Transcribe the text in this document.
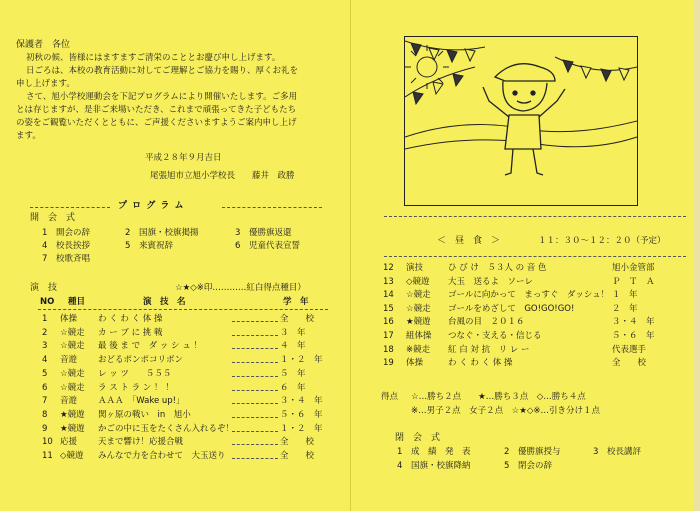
保護者　各位
初秋の候、皆様にはますますご清栄のこととお慶び申し上げます。
日ごろは、本校の教育活動に対してご理解とご協力を賜り、厚くお礼を
申し上げます。
さて、旭小学校運動会を下記プログラムにより開催いたします。ご多用
とは存じますが、是非ご来場いただき、これまで頑張ってきた子どもたち
の姿をご観覧いただくとともに、ご声援くださいますようご案内申し上げ
ます。
平成２８年９月吉日
尾張旭市立旭小学校長　　藤井　政勝
プ ロ グ ラ ム
開　会　式
1 開会の辞	2 国旗・校旗掲揚	3 優勝旗返還
4 校長挨拶	5 来賓祝辞	6 児童代表宣誓
7 校歌斉唱
演　技	☆★◇※印…………紅白得点種目）
NO 種目	演　技　名	学　年
1 体操 わ く わ く 体 操	全　　校
2 ☆競走 カ ー ブ に 挑 戦	３　年
3 ☆競走 最 後 ま で　ダ ッ シ ュ ！	４　年
4 音遊 おどるポンポコリボン	１・２　年
5 ☆競走 レ ッ ツ　　５５５	５　年
6 ☆競走 ラ ス ト ラ ン ！ ！	６　年
7 音遊 ＡＡＡ　「Wake up!」	３・４　年
8 ★競遊 関ヶ原の戦い　in　旭小	５・６　年
9 ★競遊 かごの中に玉をたくさん入れるぞ！	１・２　年
10 応援 天まで響け！応援合戦	全　　校
11 ◇競遊 みんなで力を合わせて　大玉送り	全　　校
＜　昼　食　＞	１１：３０〜１２：２０（予定）
12 演技	ひ び け　５３人 の 音 色	旭小金管部
13 ◇競遊 大玉　送るよ　ソーレ	Ｐ　Ｔ　Ａ
14 ☆競走 ゴールに向かって　まっすぐ　ダッシュ！ １　年
15 ☆競走 ゴールをめざして　GO!GO!GO!	２　年
16 ★競遊 台風の目　２０１６	３・４　年
17 組体操 つなぐ・支える・信じる	５・６　年
18 ※競走 紅 白 対 抗　リ レ ー	代表選手
19 体操	わ く わ く 体 操	全　　校
得点 ☆…勝ち２点　　★…勝ち３点　◇…勝ち４点
※…男子２点　女子２点　☆★◇※…引き分け１点
閉　会　式
1 成　績　発　表	2 優勝旗授与	3 校長講評
4 国旗・校旗降納	5 閉会の辞
